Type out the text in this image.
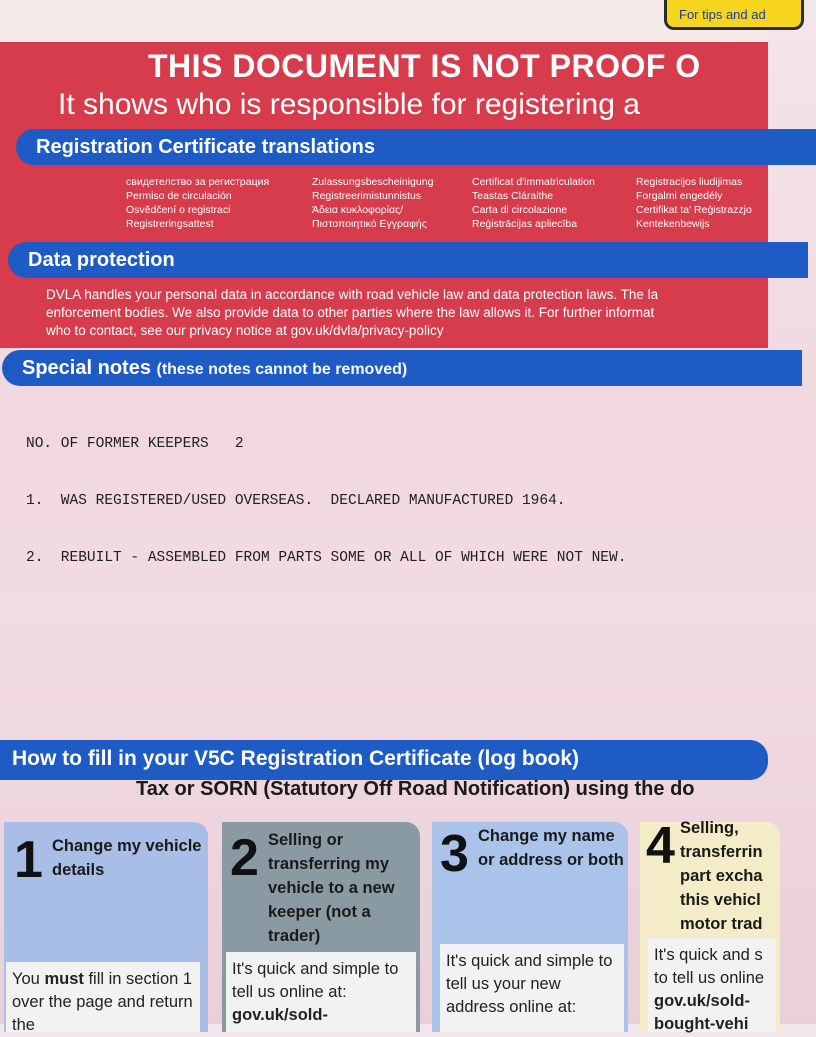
For tips and ad
THIS DOCUMENT IS NOT PROOF O
It shows who is responsible for registering a
Registration Certificate translations
свидетелство за регистрация	Zulassungsbescheinigung	Certificat d'immatriculation	Registracijos liudijimas
Permiso de circulación	Registreerimistunnistus	Teastas Cláraithe	Forgalmi engedély
Osvědčení o registraci	Άδεια κυκλοφορίας/	Carta di circolazione	Certifikat ta' Reģistrazzjo
Registreringsattest	Πιστοποιητικό Εγγραφής	Reģistrācijas apliecība	Kentekenbewijs
Data protection
DVLA handles your personal data in accordance with road vehicle law and data protection laws. The la
enforcement bodies. We also provide data to other parties where the law allows it. For further informat
who to contact, see our privacy notice at gov.uk/dvla/privacy-policy
Special notes (these notes cannot be removed)

NO. OF FORMER KEEPERS   2

1.  WAS REGISTERED/USED OVERSEAS.  DECLARED MANUFACTURED 1964.

2.  REBUILT - ASSEMBLED FROM PARTS SOME OR ALL OF WHICH WERE NOT NEW.

How to fill in your V5C Registration Certificate (log book)
Tax or SORN (Statutory Off Road Notification) using the do
1 Change my vehicle details
You must fill in section 1 over the page and return the
2 Selling or transferring my vehicle to a new keeper (not a trader)
It's quick and simple to tell us online at:
gov.uk/sold-
3 Change my name or address or both
It's quick and simple to tell us your new address online at:
4 Selling, transferrin part excha this vehicl motor trad
It's quick and s to tell us online
gov.uk/sold- bought-vehi
